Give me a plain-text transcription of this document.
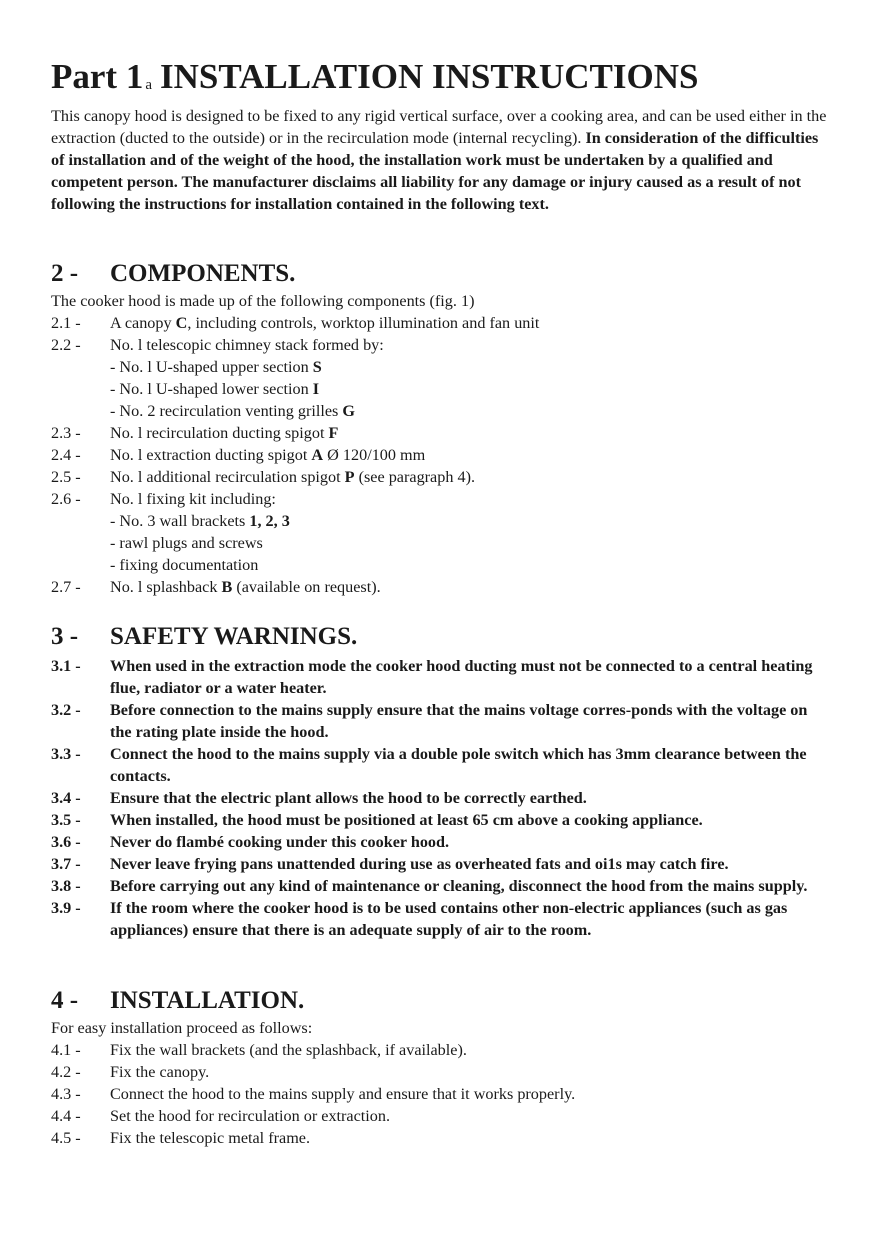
Part 1 $^a$ INSTALLATION INSTRUCTIONS

This canopy hood is designed to be fixed to any rigid vertical surface, over a cooking area, and can be used either in the extraction (ducted to the outside) or in the recirculation mode (internal recycling). In consideration of the difficulties of installation and of the weight of the hood, the installation work must be undertaken by a qualified and competent person. The manufacturer disclaims all liability for any damage or injury caused as a result of not following the instructions for installation contained in the following text.

2 - COMPONENTS.

The cooker hood is made up of the following components (fig. 1)

2.1 -	A canopy C, including controls, worktop illumination and fan unit
2.2 -	No. l telescopic chimney stack formed by:
- No. l U-shaped upper section S
- No. l U-shaped lower section I
- No. 2 recirculation venting grilles G
2.3 -	No. l recirculation ducting spigot F
2.4 -	No. l extraction ducting spigot A Ø 120/100 mm
2.5 -	No. l additional recirculation spigot P (see paragraph 4).
2.6 -	No. l fixing kit including:
- No. 3 wall brackets 1, 2, 3
- rawl plugs and screws
- fixing documentation
2.7 -	No. l splashback B (available on request).
3 - SAFETY WARNINGS.
3.1 -	When used in the extraction mode the cooker hood ducting must not be connected to a central heating flue, radiator or a water heater.
3.2 -	Before connection to the mains supply ensure that the mains voltage corres-ponds with the voltage on the rating plate inside the hood.
3.3 -	Connect the hood to the mains supply via a double pole switch which has 3mm clearance between the contacts.
3.4 -	Ensure that the electric plant allows the hood to be correctly earthed.
3.5 -	When installed, the hood must be positioned at least 65 cm above a cooking appliance.
3.6 -	Never do flambé cooking under this cooker hood.
3.7 -	Never leave frying pans unattended during use as overheated fats and oi1s may catch fire.
3.8 -	Before carrying out any kind of maintenance or cleaning, disconnect the hood from the mains supply.
3.9 -	If the room where the cooker hood is to be used contains other non-electric appliances (such as gas appliances) ensure that there is an adequate supply of air to the room.
4 - INSTALLATION.

For easy installation proceed as follows:

4.1 -	Fix the wall brackets (and the splashback, if available).
4.2 -	Fix the canopy.
4.3 -	Connect the hood to the mains supply and ensure that it works properly.
4.4 -	Set the hood for recirculation or extraction.
4.5 -	Fix the telescopic metal frame.
